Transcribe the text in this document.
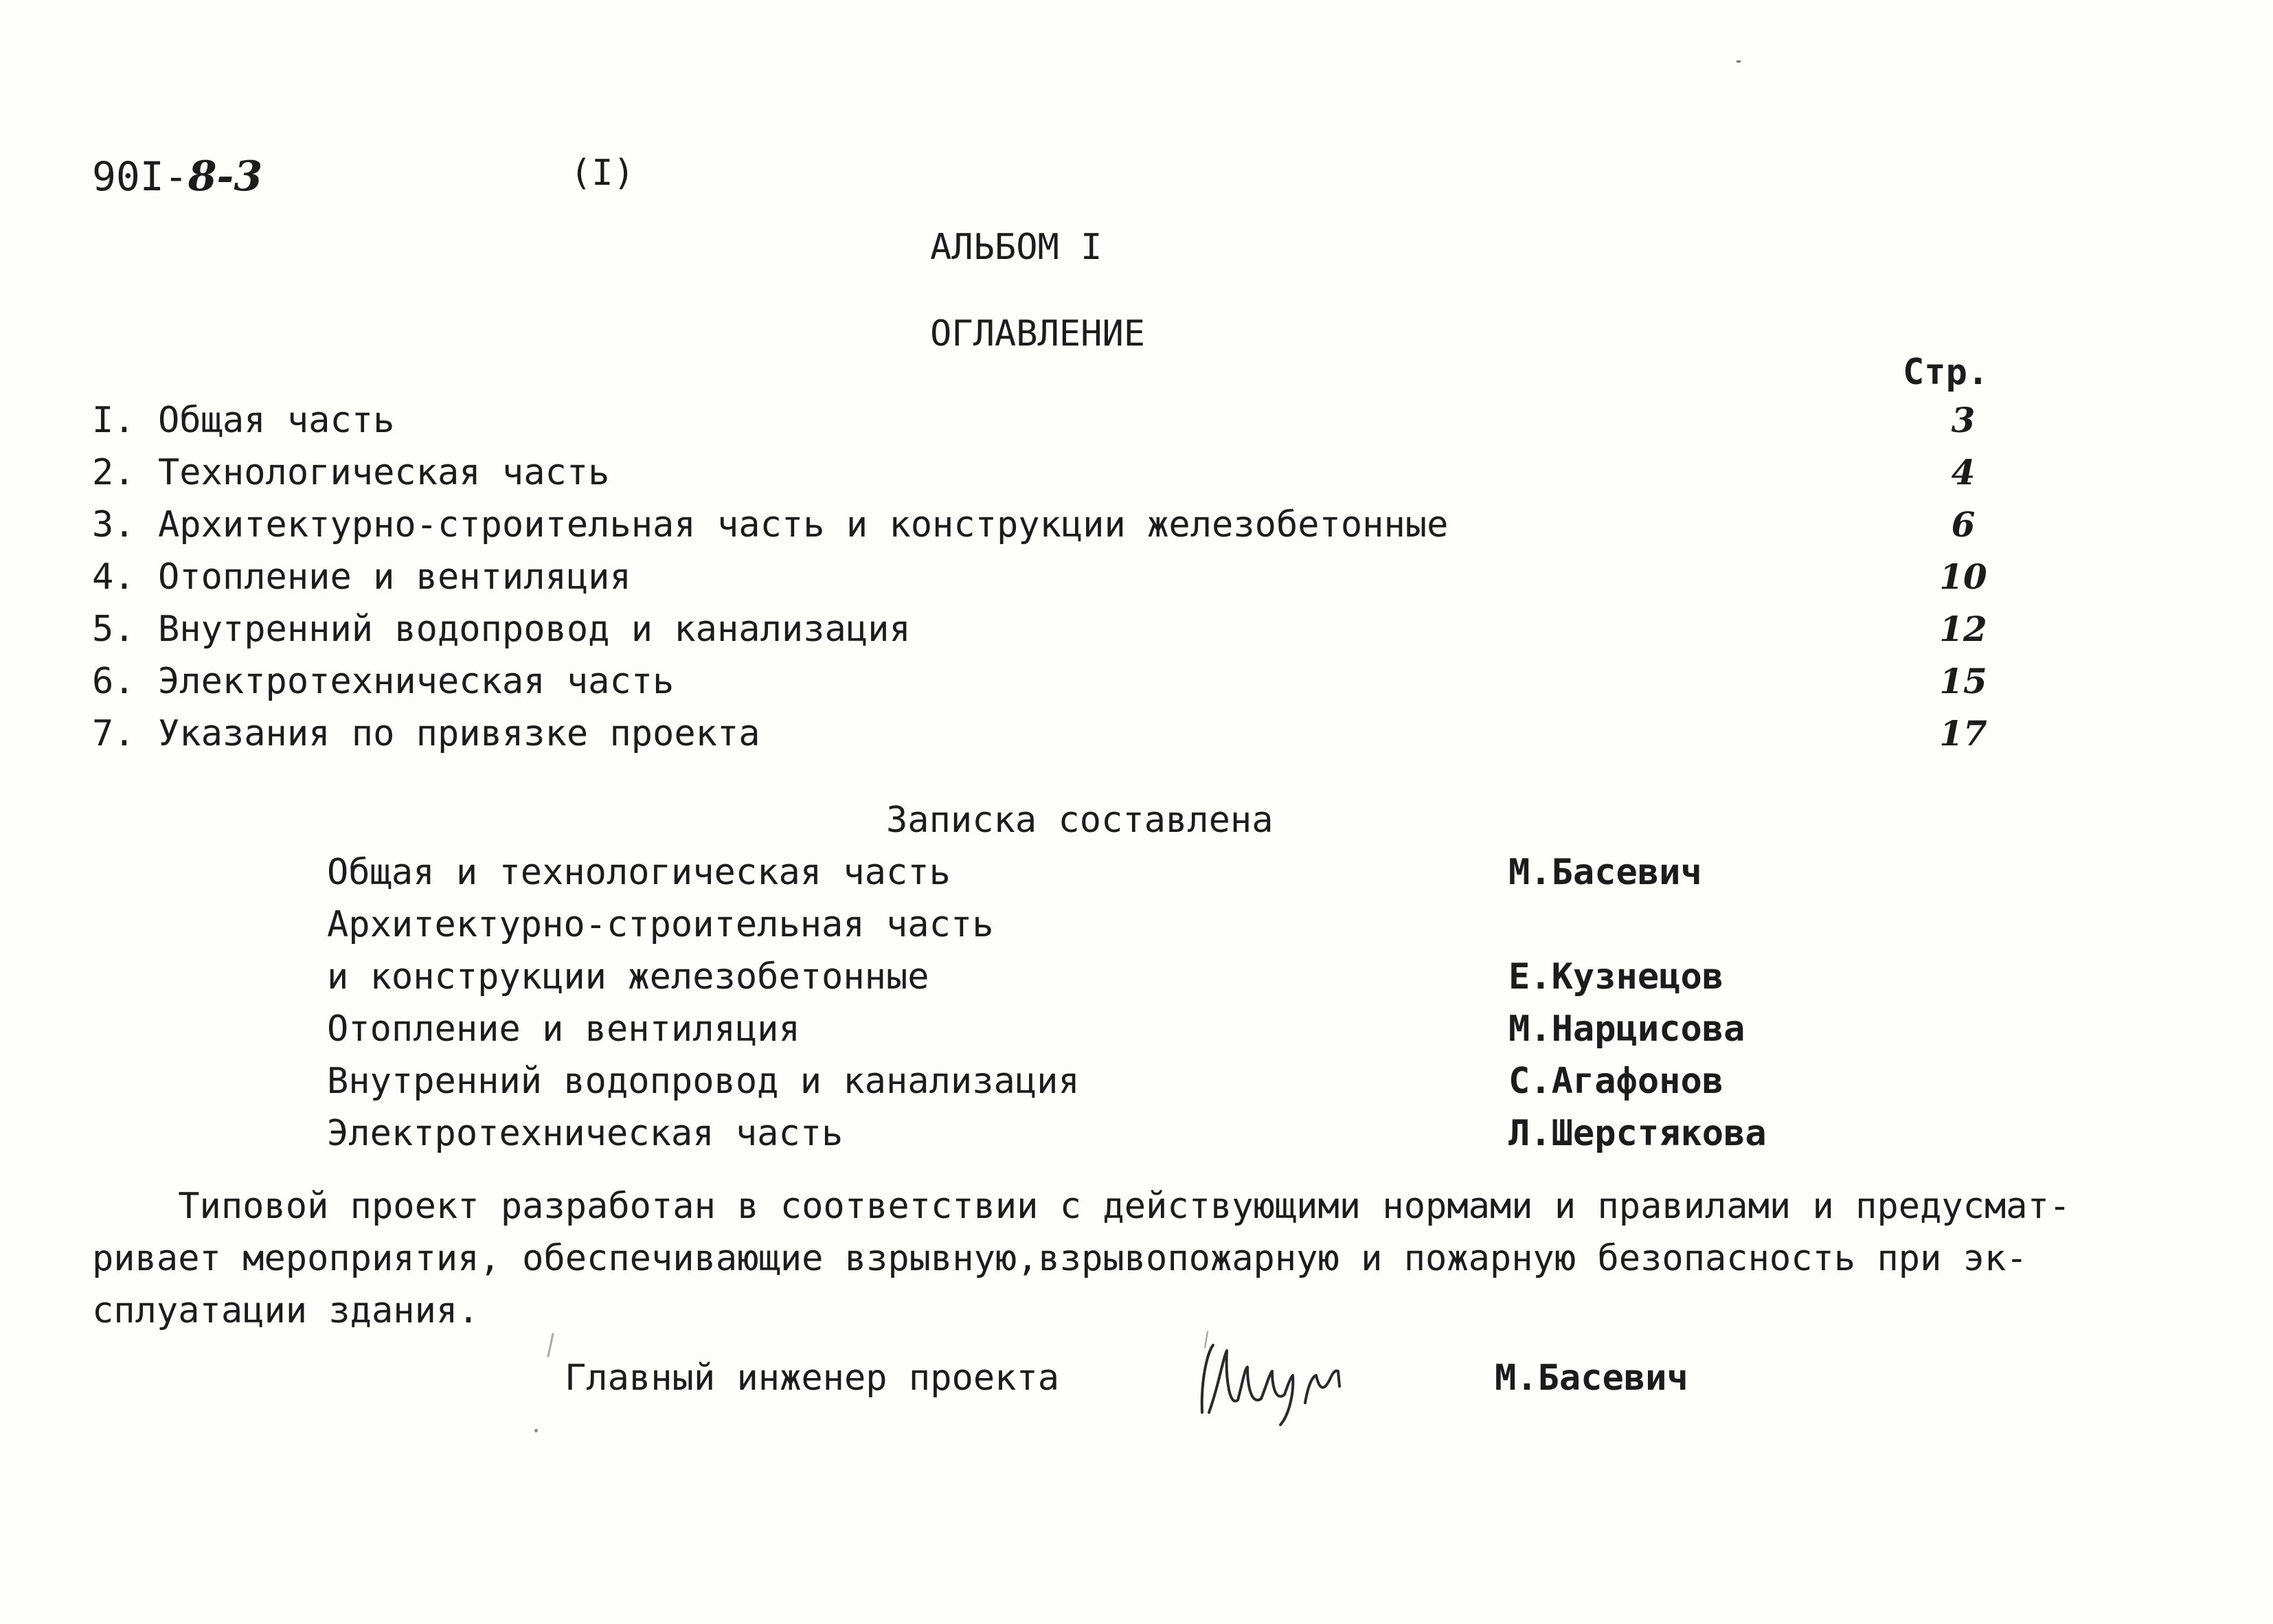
90I-8-3	(I)
АЛЬБОМ I
ОГЛАВЛЕНИЕ
Стр.
I. Общая часть	3
2. Технологическая часть	4
3. Архитектурно-строительная часть и конструкции железобетонные	6
4. Отопление и вентиляция	10
5. Внутренний водопровод и канализация	12
6. Электротехническая часть	15
7. Указания по привязке проекта	17
Записка составлена
Общая и технологическая часть	М.Басевич
Архитектурно-строительная часть
и конструкции железобетонные	Е.Кузнецов
Отопление и вентиляция	М.Нарцисова
Внутренний водопровод и канализация	С.Агафонов
Электротехническая часть	Л.Шерстякова
Типовой проект разработан в соответствии с действующими нормами и правилами и предусмат-
ривает мероприятия, обеспечивающие взрывную,взрывопожарную и пожарную безопасность при эк-
сплуатации здания.
Главный инженер проекта	М.Басевич
